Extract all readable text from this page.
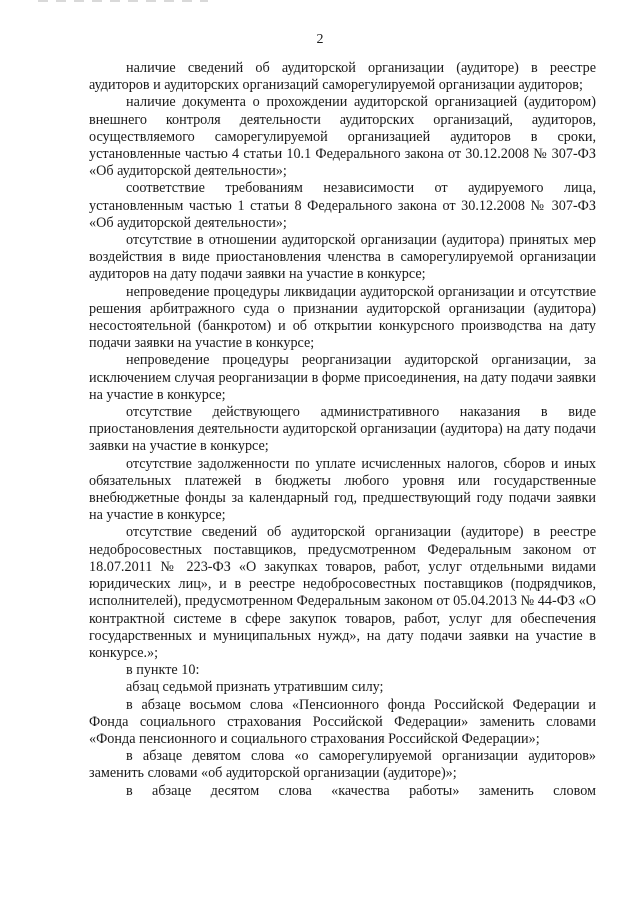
2

наличие сведений об аудиторской организации (аудиторе) в реестре аудиторов и аудиторских организаций саморегулируемой организации аудиторов;

наличие документа о прохождении аудиторской организацией (аудитором) внешнего контроля деятельности аудиторских организаций, аудиторов, осуществляемого саморегулируемой организацией аудиторов в сроки, установленные частью 4 статьи 10.1 Федерального закона от 30.12.2008 № 307-ФЗ «Об аудиторской деятельности»;

соответствие требованиям независимости от аудируемого лица, установленным частью 1 статьи 8 Федерального закона от 30.12.2008 № 307-ФЗ «Об аудиторской деятельности»;

отсутствие в отношении аудиторской организации (аудитора) принятых мер воздействия в виде приостановления членства в саморегулируемой организации аудиторов на дату подачи заявки на участие в конкурсе;

непроведение процедуры ликвидации аудиторской организации и отсутствие решения арбитражного суда о признании аудиторской организации (аудитора) несостоятельной (банкротом) и об открытии конкурсного производства на дату подачи заявки на участие в конкурсе;

непроведение процедуры реорганизации аудиторской организации, за исключением случая реорганизации в форме присоединения, на дату подачи заявки на участие в конкурсе;

отсутствие действующего административного наказания в виде приостановления деятельности аудиторской организации (аудитора) на дату подачи заявки на участие в конкурсе;

отсутствие задолженности по уплате исчисленных налогов, сборов и иных обязательных платежей в бюджеты любого уровня или государственные внебюджетные фонды за календарный год, предшествующий году подачи заявки на участие в конкурсе;

отсутствие сведений об аудиторской организации (аудиторе) в реестре недобросовестных поставщиков, предусмотренном Федеральным законом от 18.07.2011 № 223-ФЗ «О закупках товаров, работ, услуг отдельными видами юридических лиц», и в реестре недобросовестных поставщиков (подрядчиков, исполнителей), предусмотренном Федеральным законом от 05.04.2013 № 44-ФЗ «О контрактной системе в сфере закупок товаров, работ, услуг для обеспечения государственных и муниципальных нужд», на дату подачи заявки на участие в конкурсе.»;

в пункте 10:

абзац седьмой признать утратившим силу;

в абзаце восьмом слова «Пенсионного фонда Российской Федерации и Фонда социального страхования Российской Федерации» заменить словами «Фонда пенсионного и социального страхования Российской Федерации»;

в абзаце девятом слова «о саморегулируемой организации аудиторов» заменить словами «об аудиторской организации (аудиторе)»;

в абзаце десятом слова «качества работы» заменить словом
